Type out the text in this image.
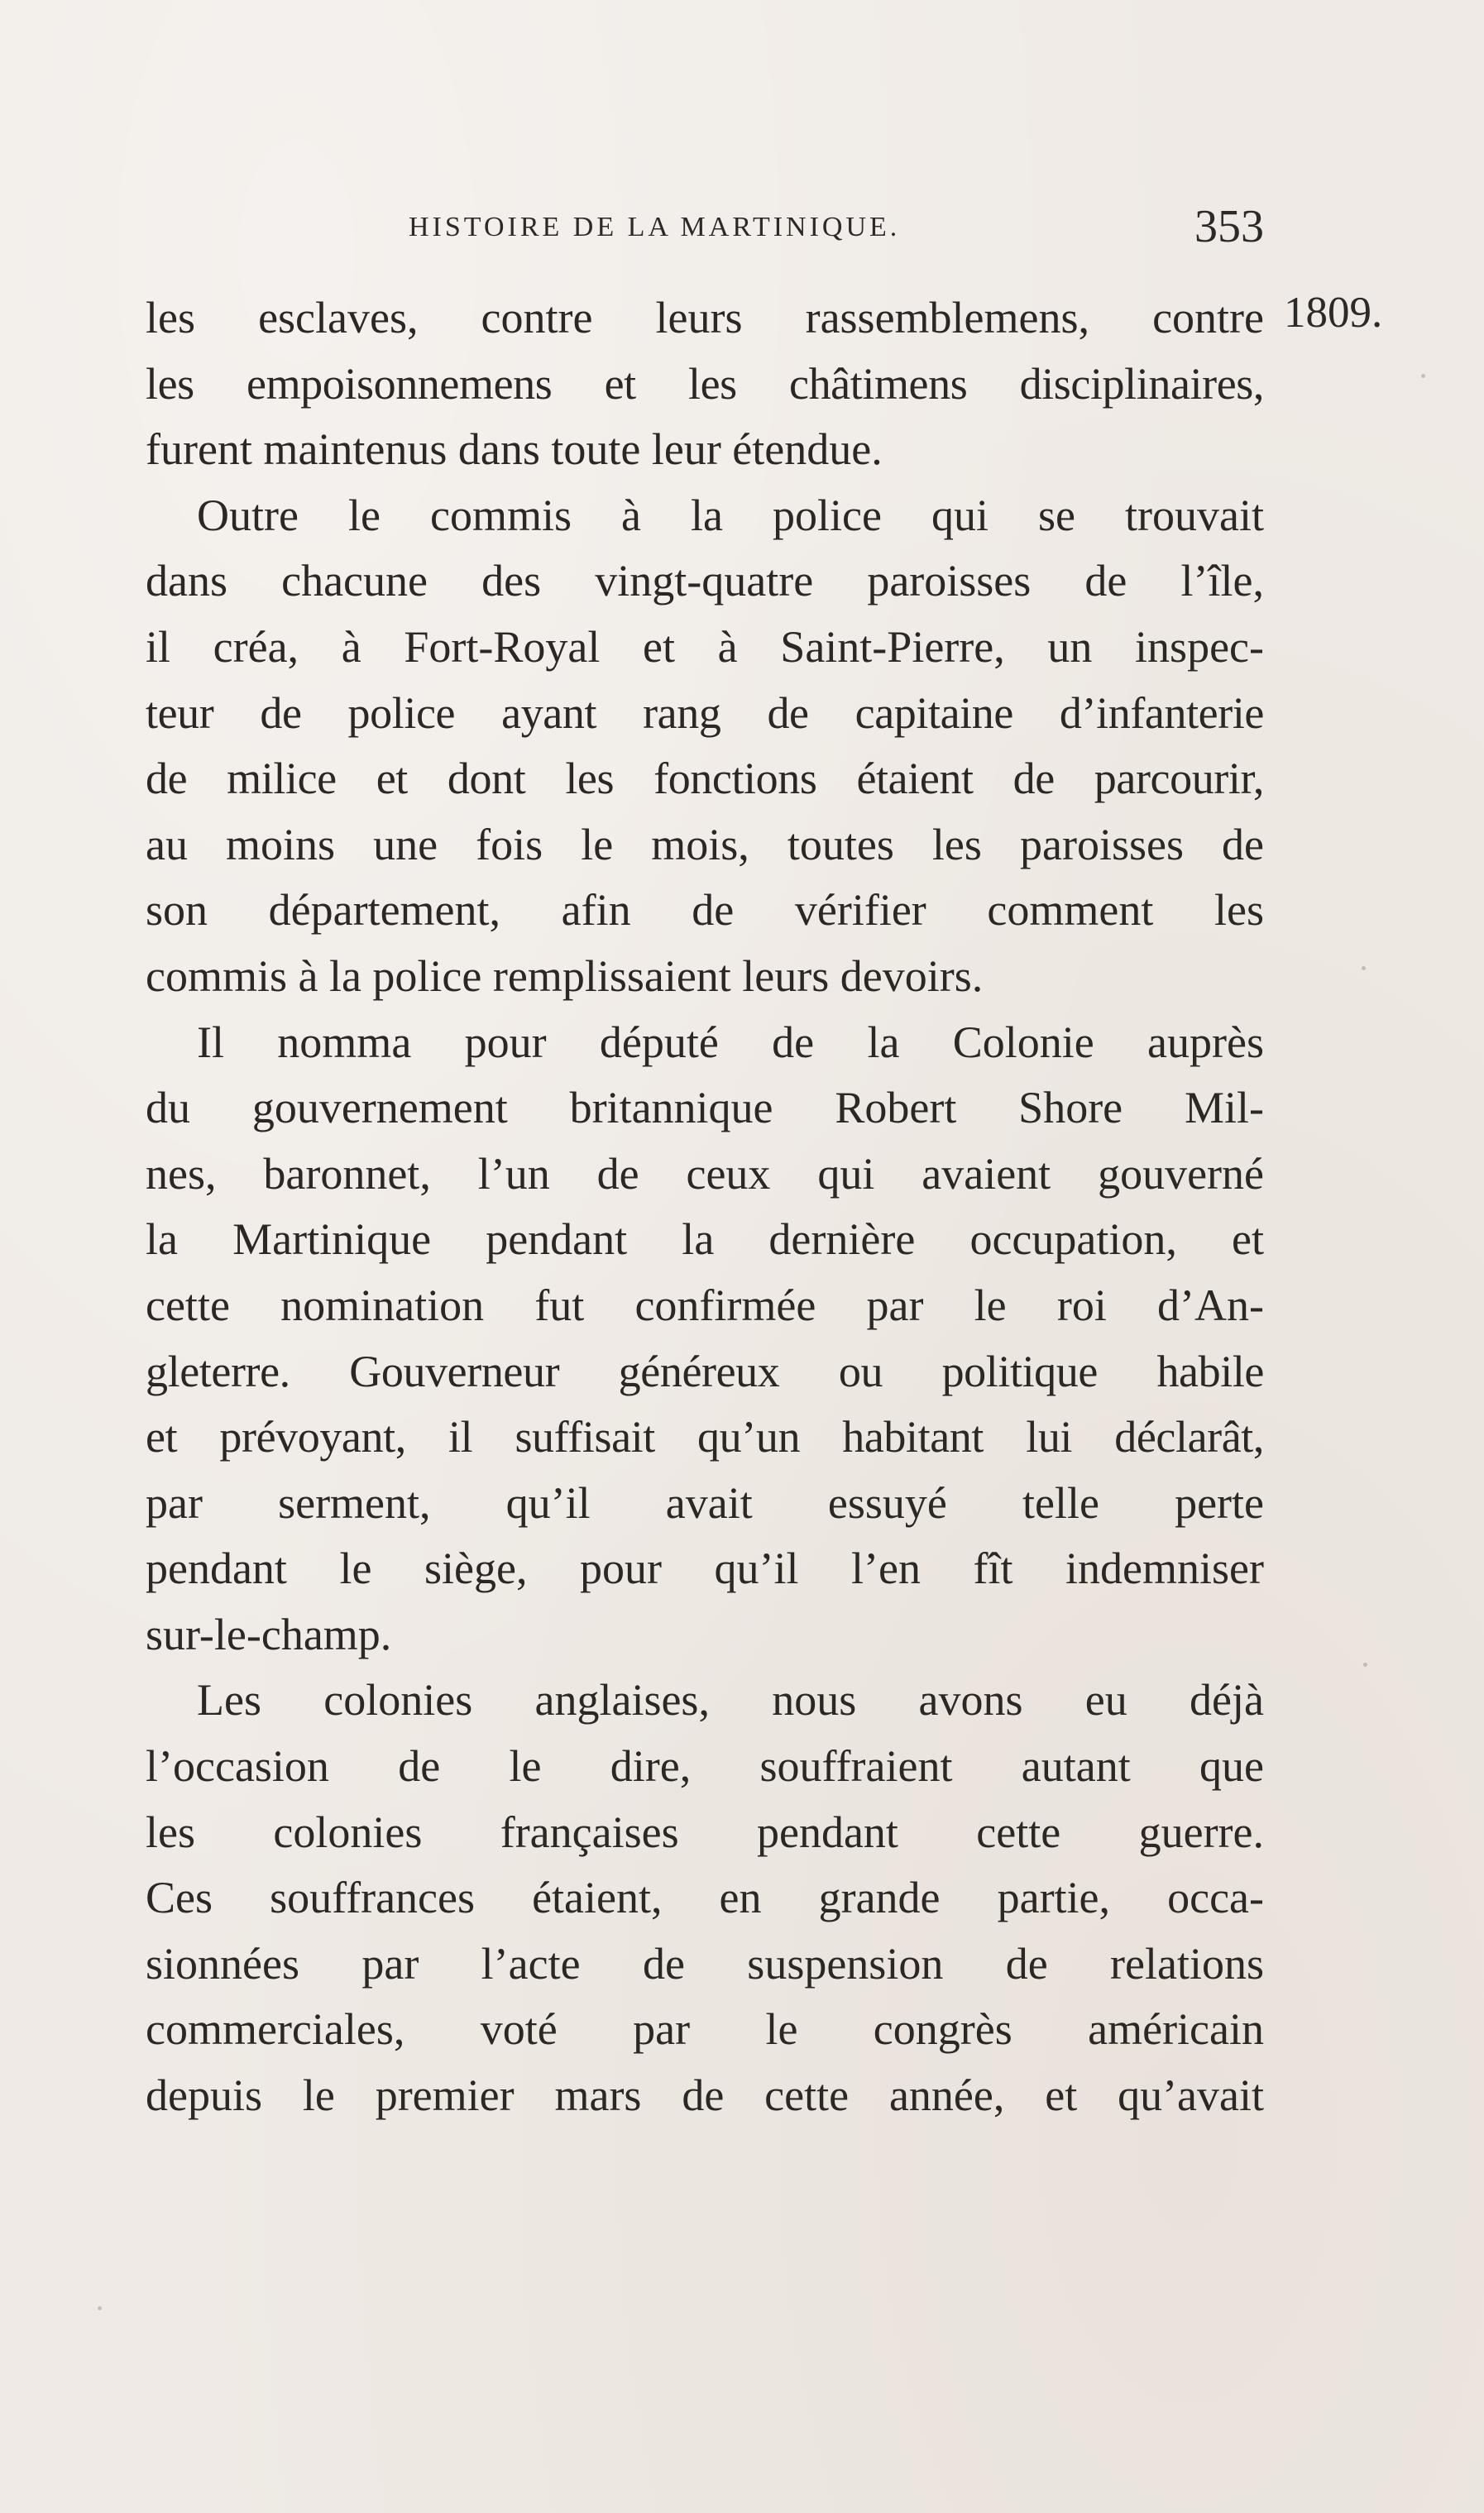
HISTOIRE DE LA MARTINIQUE.	353
1809.
les esclaves, contre leurs rassemblemens, contre
les empoisonnemens et les châtimens disciplinaires,
furent maintenus dans toute leur étendue.
Outre le commis à la police qui se trouvait
dans chacune des vingt-quatre paroisses de l’île,
il créa, à Fort-Royal et à Saint-Pierre, un inspec-
teur de police ayant rang de capitaine d’infanterie
de milice et dont les fonctions étaient de parcourir,
au moins une fois le mois, toutes les paroisses de
son département, afin de vérifier comment les
commis à la police remplissaient leurs devoirs.
Il nomma pour député de la Colonie auprès
du gouvernement britannique Robert Shore Mil-
nes, baronnet, l’un de ceux qui avaient gouverné
la Martinique pendant la dernière occupation, et
cette nomination fut confirmée par le roi d’An-
gleterre. Gouverneur généreux ou politique habile
et prévoyant, il suffisait qu’un habitant lui déclarât,
par serment, qu’il avait essuyé telle perte
pendant le siège, pour qu’il l’en fît indemniser
sur-le-champ.
Les colonies anglaises, nous avons eu déjà
l’occasion de le dire, souffraient autant que
les colonies françaises pendant cette guerre.
Ces souffrances étaient, en grande partie, occa-
sionnées par l’acte de suspension de relations
commerciales, voté par le congrès américain
depuis le premier mars de cette année, et qu’avait
